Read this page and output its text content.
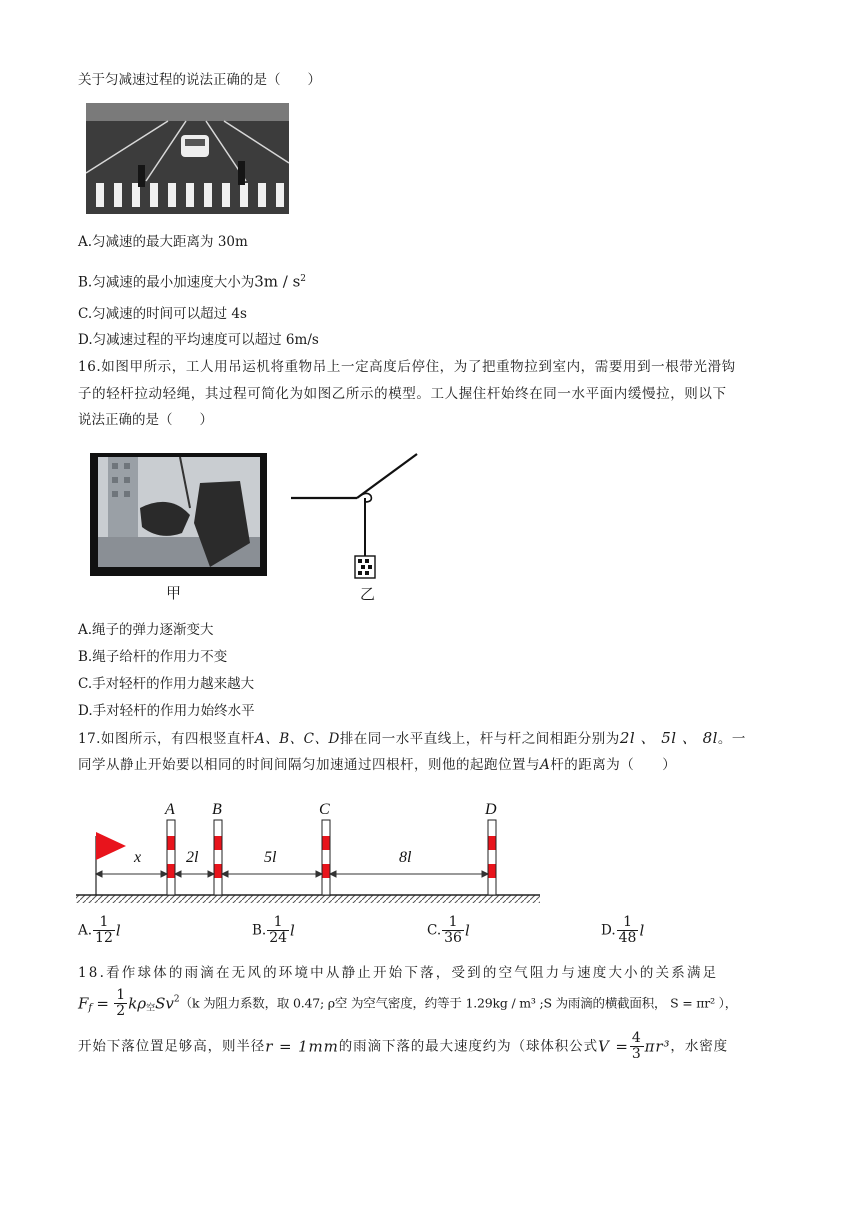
关于匀减速过程的说法正确的是（　　）
A.匀减速的最大距离为 30m
B.匀减速的最小加速度大小为$3m / s^2$
C.匀减速的时间可以超过 4s
D.匀减速过程的平均速度可以超过 6m/s
16.如图甲所示，工人用吊运机将重物吊上一定高度后停住，为了把重物拉到室内，需要用到一根带光滑钩
子的轻杆拉动轻绳，其过程可简化为如图乙所示的模型。工人握住杆始终在同一水平面内缓慢拉，则以下
说法正确的是（　　）
甲	乙
A.绳子的弹力逐渐变大
B.绳子给杆的作用力不变
C.手对轻杆的作用力越来越大
D.手对轻杆的作用力始终水平
17.如图所示，有四根竖直杆A、B、C、D排在同一水平直线上，杆与杆之间相距分别为2l 、 5l 、 8l。一
同学从静止开始要以相同的时间间隔匀加速通过四根杆，则他的起跑位置与A杆的距离为（　　）
x	2l	5l	8l
A B	C	D
A. $\frac{1}{12}$ l	B. $\frac{1}{24}$ l	C. $\frac{1}{36}$ l	D. $\frac{1}{48}$ l
18.看作球体的雨滴在无风的环境中从静止开始下落，受到的空气阻力与速度大小的关系满足
$F_f = \frac{1}{2} k\rho_空Sv^2(k$ 为阻力系数，取 0.47; ρ空 为空气密度，约等于 1.29kg / m³ ;S 为雨滴的横截面积， S = πr² ），
开始下落位置足够高，则半径r = 1mm的雨滴下落的最大速度约为（球体积公式$V = \frac{4}{3} \pi r^3$，水密度
